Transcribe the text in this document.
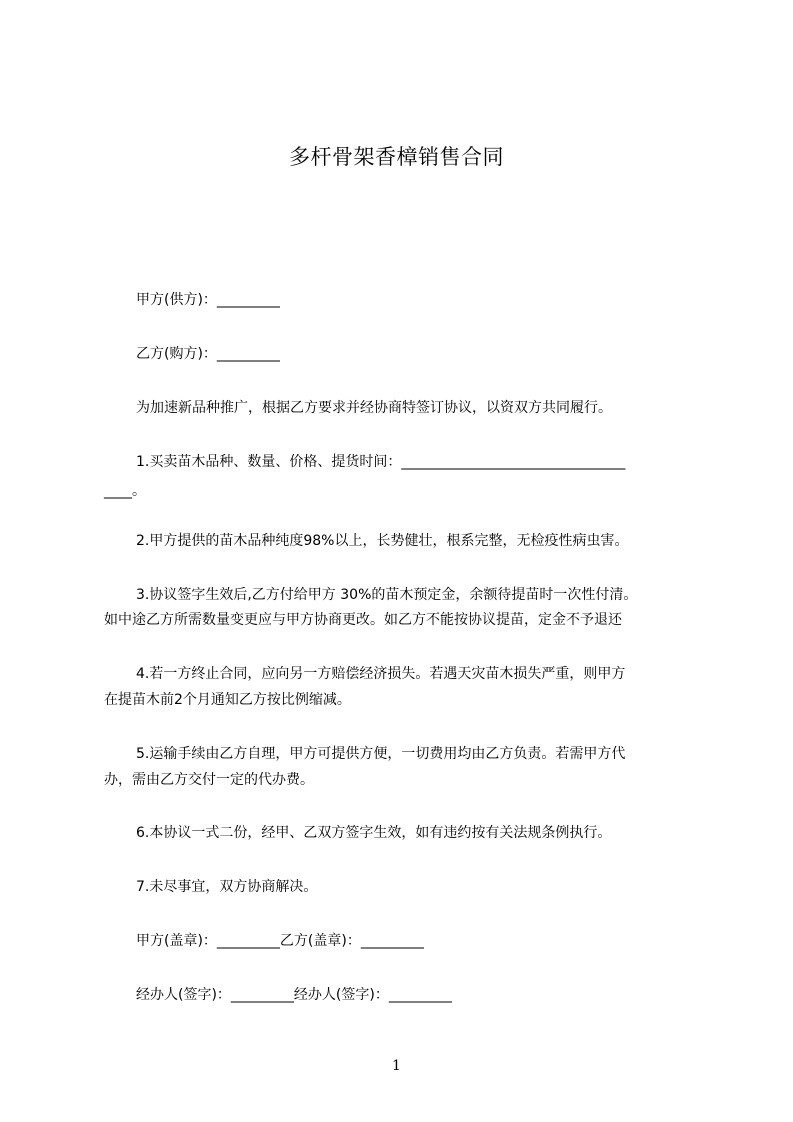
多杆骨架香樟销售合同
甲方(供方)：_________
乙方(购方)：_________
为加速新品种推广，根据乙方要求并经协商特签订协议，以资双方共同履行。
1.买卖苗木品种、数量、价格、提货时间：________________________________
____。
2.甲方提供的苗木品种纯度98%以上，长势健壮，根系完整，无检疫性病虫害。
3.协议签字生效后,乙方付给甲方 30%的苗木预定金，余额待提苗时一次性付清。
如中途乙方所需数量变更应与甲方协商更改。如乙方不能按协议提苗，定金不予退还
4.若一方终止合同，应向另一方赔偿经济损失。若遇天灾苗木损失严重，则甲方
在提苗木前2个月通知乙方按比例缩减。
5.运输手续由乙方自理，甲方可提供方便，一切费用均由乙方负责。若需甲方代
办，需由乙方交付一定的代办费。
6.本协议一式二份，经甲、乙双方签字生效，如有违约按有关法规条例执行。
7.未尽事宜，双方协商解决。
甲方(盖章)：_________乙方(盖章)：_________
经办人(签字)：_________经办人(签字)：_________
1
